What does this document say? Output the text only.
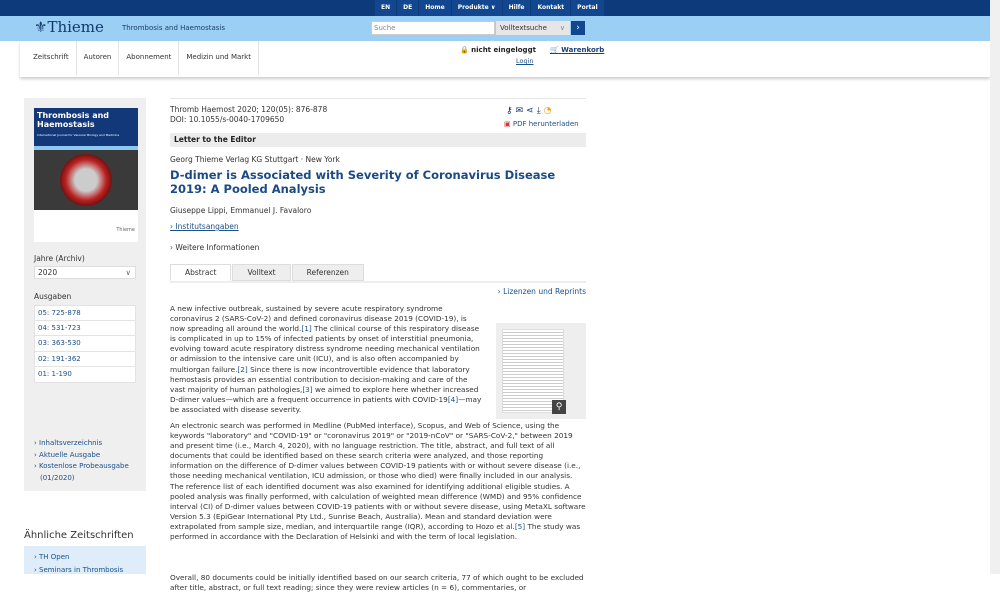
EN	DE	Home	Produkte ∨	Hilfe	Kontakt	Portal
⚜Thieme	Thrombosis and Haemostasis	Suche	Volltextsuche ∨	›
Zeitschrift	Autoren	Abonnement	Medizin und Markt
🔒 nicht eingeloggt
Login
🛒 Warenkorb
Thrombosis and Haemostasis
International Journal for Vascular Biology and Medicine
Thieme
Jahre (Archiv)
2020	∨
Ausgaben
05: 725-878
04: 531-723
03: 363-530
02: 191-362
01: 1-190
› Inhaltsverzeichnis
› Aktuelle Ausgabe
› Kostenlose Probeausgabe (01/2020)
Ähnliche Zeitschriften
› TH Open
› Seminars in Thrombosis
Thromb Haemost 2020; 120(05): 876-878
DOI: 10.1055/s-0040-1709650
⚷✉⋖⤓◔
▣ PDF herunterladen
Letter to the Editor
Georg Thieme Verlag KG Stuttgart · New York
D-dimer is Associated with Severity of Coronavirus Disease 2019: A Pooled Analysis
Giuseppe Lippi, Emmanuel J. Favaloro
› Institutsangaben
› Weitere Informationen
Abstract	Volltext	Referenzen
› Lizenzen und Reprints
A new infective outbreak, sustained by severe acute respiratory syndrome coronavirus 2 (SARS-CoV-2) and defined coronavirus disease 2019 (COVID-19), is now spreading all around the world.[1] The clinical course of this respiratory disease is complicated in up to 15% of infected patients by onset of interstitial pneumonia, evolving toward acute respiratory distress syndrome needing mechanical ventilation or admission to the intensive care unit (ICU), and is also often accompanied by multiorgan failure.[2] Since there is now incontrovertible evidence that laboratory hemostasis provides an essential contribution to decision-making and care of the vast majority of human pathologies,[3] we aimed to explore here whether increased D-dimer values—which are a frequent occurrence in patients with COVID-19[4]—may be associated with disease severity.	⚲
An electronic search was performed in Medline (PubMed interface), Scopus, and Web of Science, using the keywords "laboratory" and "COVID-19" or "coronavirus 2019" or "2019-nCoV" or "SARS-CoV-2," between 2019 and present time (i.e., March 4, 2020), with no language restriction. The title, abstract, and full text of all documents that could be identified based on these search criteria were analyzed, and those reporting information on the difference of D-dimer values between COVID-19 patients with or without severe disease (i.e., those needing mechanical ventilation, ICU admission, or those who died) were finally included in our analysis. The reference list of each identified document was also examined for identifying additional eligible studies. A pooled analysis was finally performed, with calculation of weighted mean difference (WMD) and 95% confidence interval (CI) of D-dimer values between COVID-19 patients with or without severe disease, using MetaXL software Version 5.3 (EpiGear International Pty Ltd., Sunrise Beach, Australia). Mean and standard deviation were extrapolated from sample size, median, and interquartile range (IQR), according to Hozo et al.[5] The study was performed in accordance with the Declaration of Helsinki and with the term of local legislation.
Overall, 80 documents could be initially identified based on our search criteria, 77 of which ought to be excluded after title, abstract, or full text reading; since they were review articles (n = 6), commentaries, or
